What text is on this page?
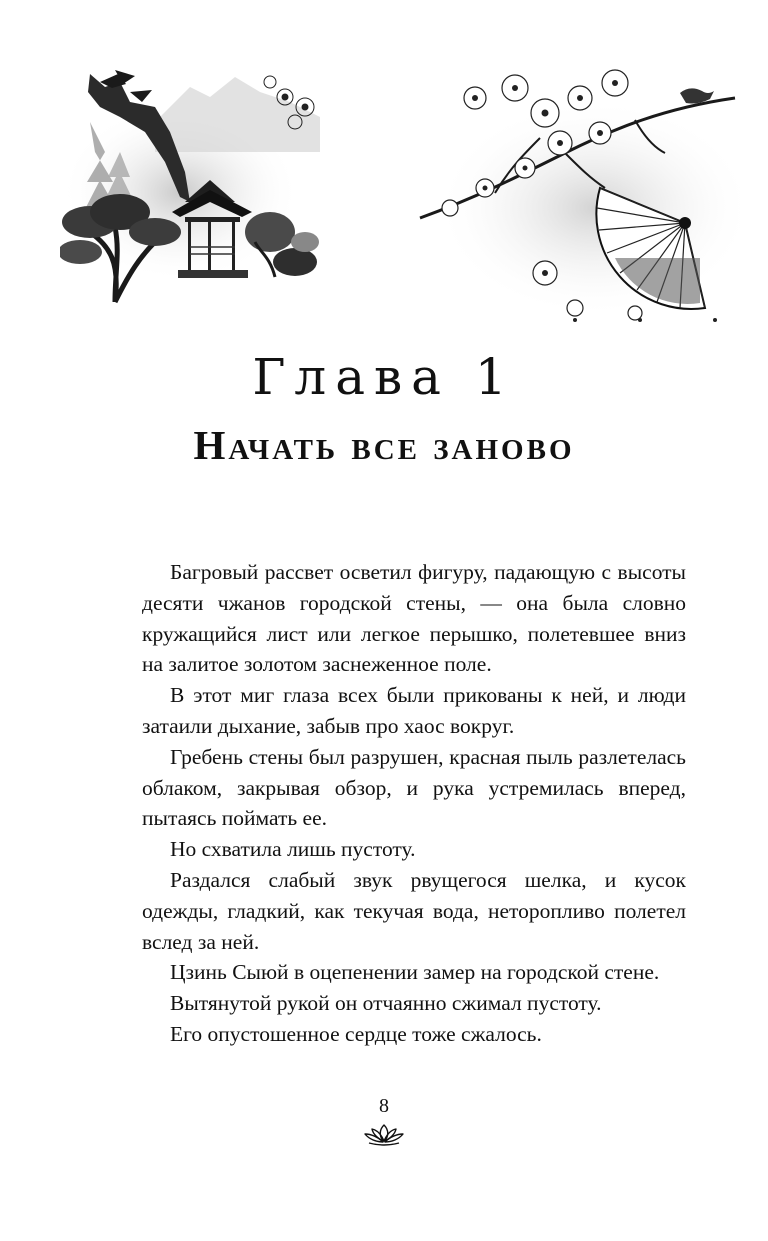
Глава 1
Начать все заново

Багровый рассвет осветил фигуру, падающую с высоты десяти чжанов городской стены, — она была словно кружащийся лист или легкое перышко, полетевшее вниз на залитое золотом заснеженное поле.

В этот миг глаза всех были прикованы к ней, и люди затаили дыхание, забыв про хаос вокруг.

Гребень стены был разрушен, красная пыль разлетелась облаком, закрывая обзор, и рука устремилась вперед, пытаясь поймать ее.

Но схватила лишь пустоту.

Раздался слабый звук рвущегося шелка, и кусок одежды, гладкий, как текучая вода, неторопливо полетел вслед за ней.

Цзинь Сыюй в оцепенении замер на городской стене.

Вытянутой рукой он отчаянно сжимал пустоту.

Его опустошенное сердце тоже сжалось.

8
